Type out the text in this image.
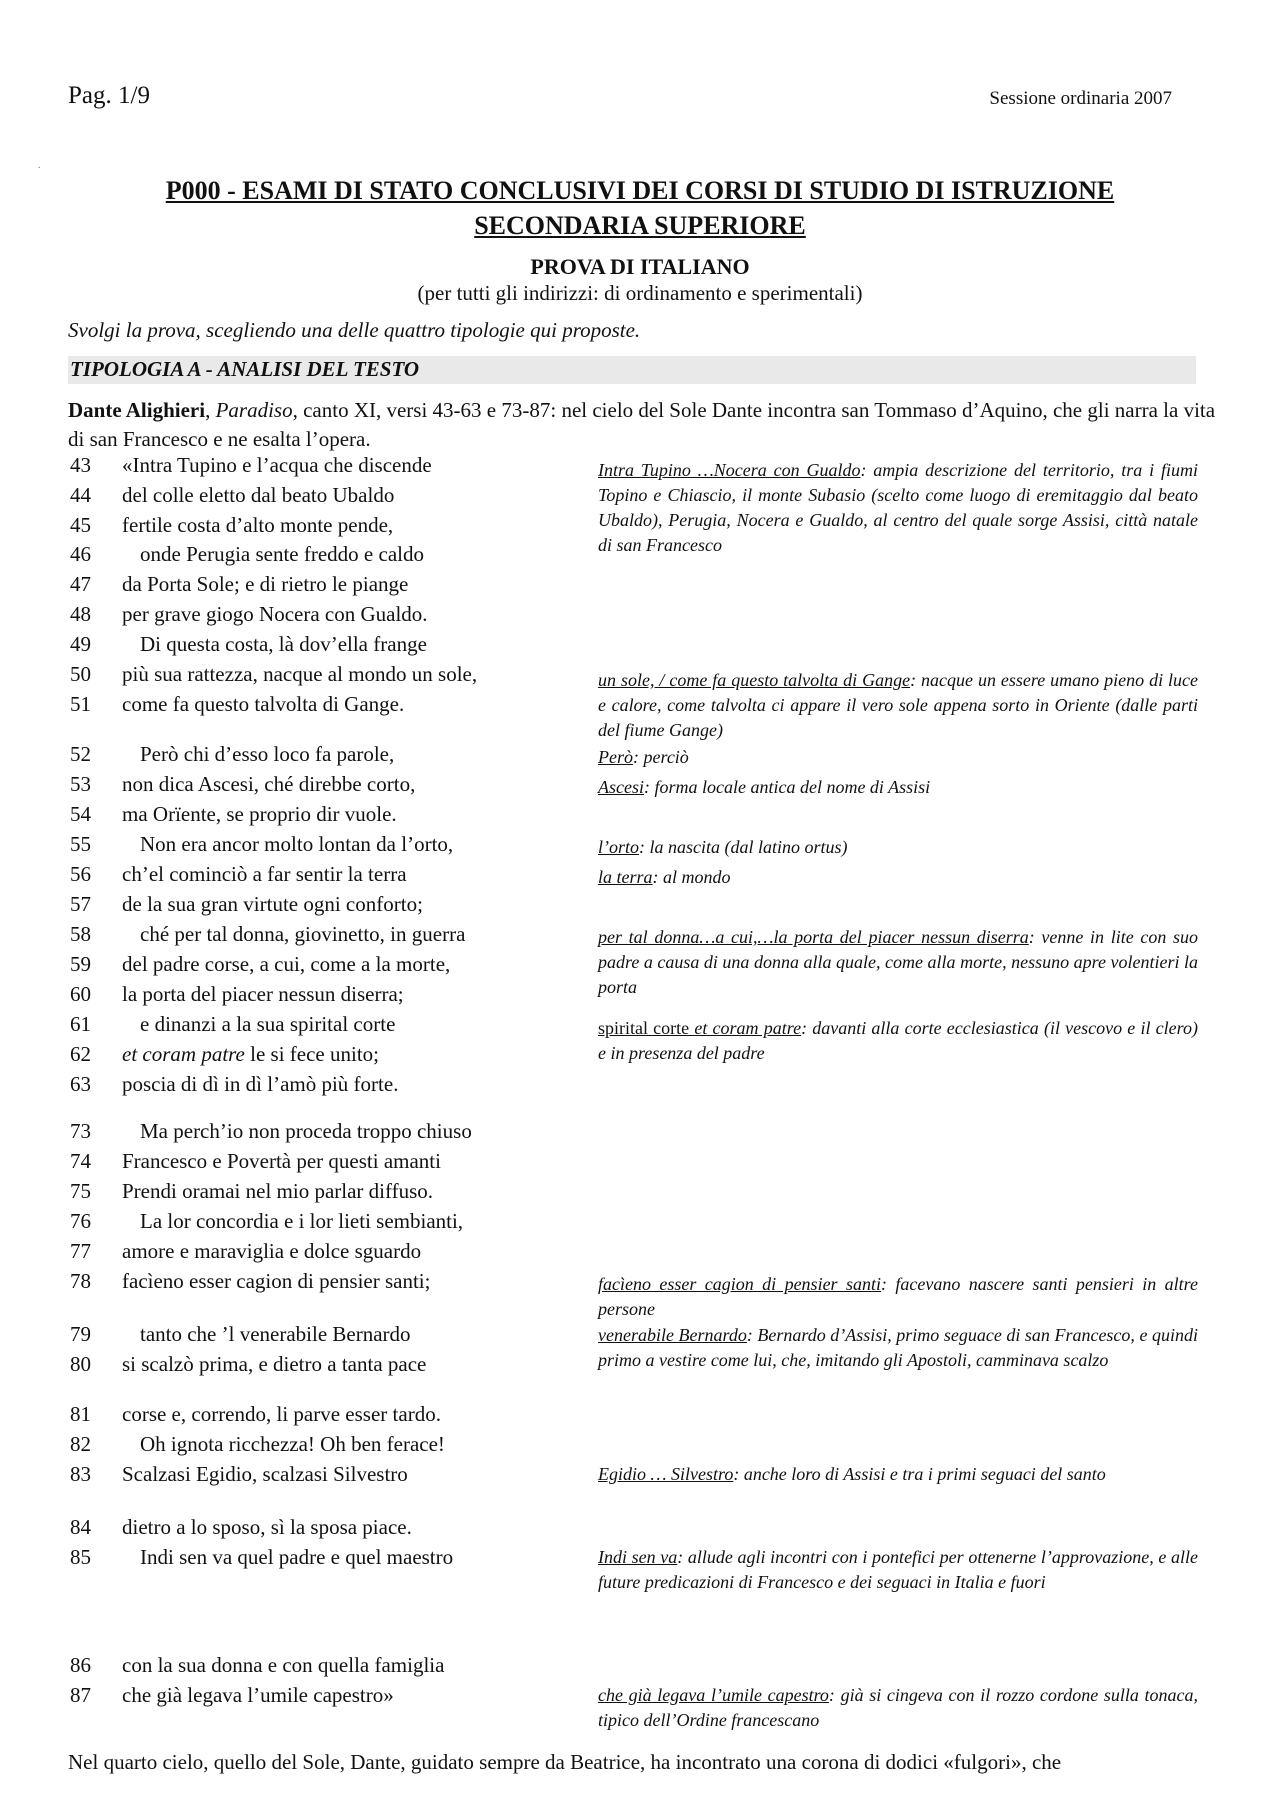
Pag. 1/9	Sessione ordinaria 2007
.
P000 - ESAMI DI STATO CONCLUSIVI DEI CORSI DI STUDIO DI ISTRUZIONE
SECONDARIA SUPERIORE
PROVA DI ITALIANO
(per tutti gli indirizzi: di ordinamento e sperimentali)
Svolgi la prova, scegliendo una delle quattro tipologie qui proposte.
TIPOLOGIA A - ANALISI DEL TESTO
Dante Alighieri, Paradiso, canto XI, versi 43-63 e 73-87: nel cielo del Sole Dante incontra san Tommaso d’Aquino, che gli narra la vita di san Francesco e ne esalta l’opera.
43 «Intra Tupino e l’acqua che discende
44 del colle eletto dal beato Ubaldo
45 fertile costa d’alto monte pende,
46 onde Perugia sente freddo e caldo
47 da Porta Sole; e di rietro le piange
48 per grave giogo Nocera con Gualdo.
49 Di questa costa, là dov’ella frange
50 più sua rattezza, nacque al mondo un sole,
51 come fa questo talvolta di Gange.
52 Però chi d’esso loco fa parole,
53 non dica Ascesi, ché direbbe corto,
54 ma Orïente, se proprio dir vuole.
55 Non era ancor molto lontan da l’orto,
56 ch’el cominciò a far sentir la terra
57 de la sua gran virtute ogni conforto;
58 ché per tal donna, giovinetto, in guerra
59 del padre corse, a cui, come a la morte,
60 la porta del piacer nessun diserra;
61 e dinanzi a la sua spirital corte
62 et coram patre le si fece unito;
63 poscia di dì in dì l’amò più forte.
73 Ma perch’io non proceda troppo chiuso
74 Francesco e Povertà per questi amanti
75 Prendi oramai nel mio parlar diffuso.
76 La lor concordia e i lor lieti sembianti,
77 amore e maraviglia e dolce sguardo
78 facìeno esser cagion di pensier santi;
79 tanto che ’l venerabile Bernardo
80 si scalzò prima, e dietro a tanta pace
81 corse e, correndo, li parve esser tardo.
82 Oh ignota ricchezza! Oh ben ferace!
83 Scalzasi Egidio, scalzasi Silvestro
84 dietro a lo sposo, sì la sposa piace.
85 Indi sen va quel padre e quel maestro
86 con la sua donna e con quella famiglia
87 che già legava l’umile capestro»
Intra Tupino …Nocera con Gualdo: ampia descrizione del territorio, tra i fiumi Topino e Chiascio, il monte Subasio (scelto come luogo di eremitaggio dal beato Ubaldo), Perugia, Nocera e Gualdo, al centro del quale sorge Assisi, città natale di san Francesco
un sole, / come fa questo talvolta di Gange: nacque un essere umano pieno di luce e calore, come talvolta ci appare il vero sole appena sorto in Oriente (dalle parti del fiume Gange)
Però: perciò
Ascesi: forma locale antica del nome di Assisi
l’orto: la nascita (dal latino ortus)
la terra: al mondo
per tal donna…a cui,…la porta del piacer nessun diserra: venne in lite con suo padre a causa di una donna alla quale, come alla morte, nessuno apre volentieri la porta
spirital corte et coram patre: davanti alla corte ecclesiastica (il vescovo e il clero) e in presenza del padre
facìeno esser cagion di pensier santi: facevano nascere santi pensieri in altre persone
venerabile Bernardo: Bernardo d’Assisi, primo seguace di san Francesco, e quindi primo a vestire come lui, che, imitando gli Apostoli, camminava scalzo
Egidio … Silvestro: anche loro di Assisi e tra i primi seguaci del santo
Indi sen va: allude agli incontri con i pontefici per ottenerne l’approvazione, e alle future predicazioni di Francesco e dei seguaci in Italia e fuori
che già legava l’umile capestro: già si cingeva con il rozzo cordone sulla tonaca, tipico dell’Ordine francescano
Nel quarto cielo, quello del Sole, Dante, guidato sempre da Beatrice, ha incontrato una corona di dodici «fulgori», che
